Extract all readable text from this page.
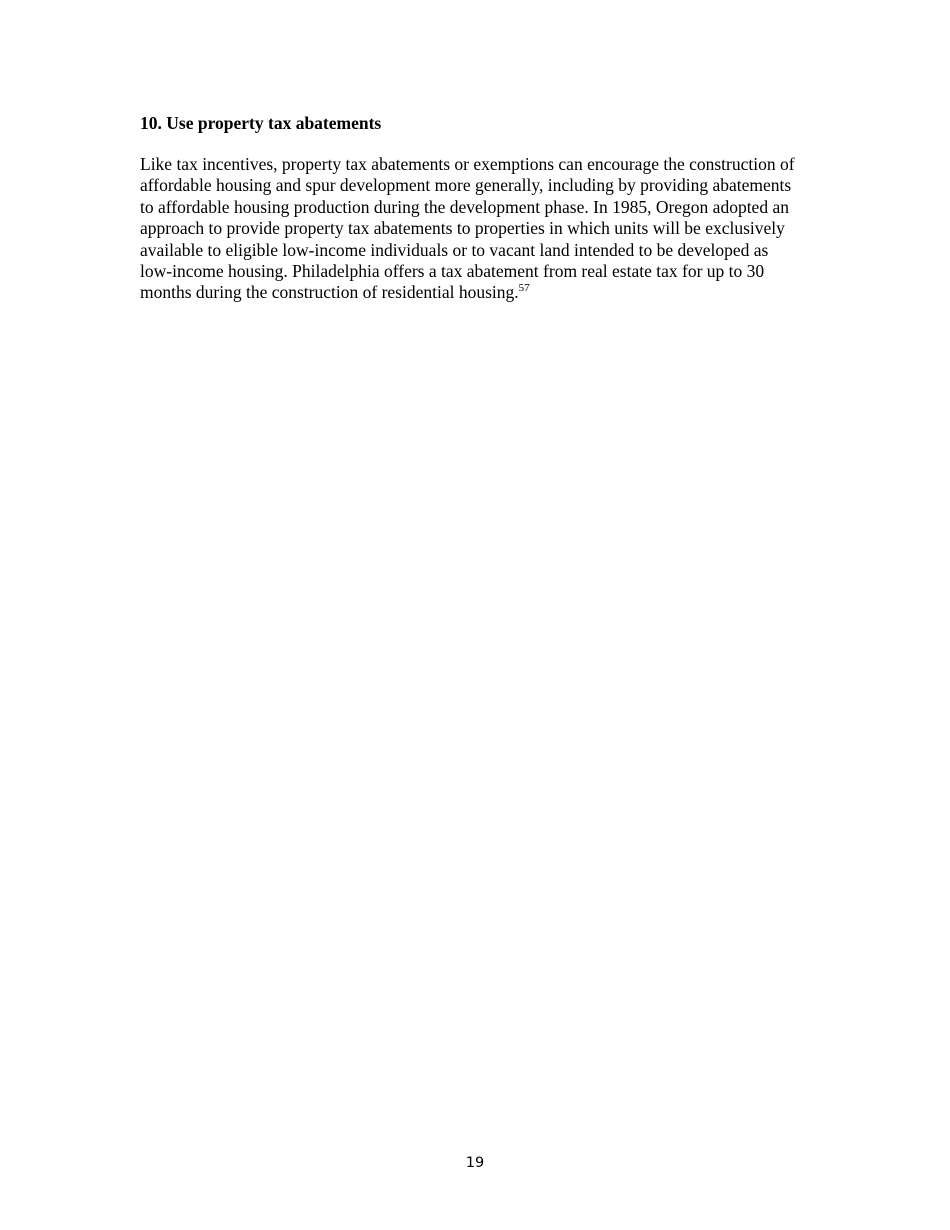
10. Use property tax abatements

Like tax incentives, property tax abatements or exemptions can encourage the construction of
affordable housing and spur development more generally, including by providing abatements
to affordable housing production during the development phase. In 1985, Oregon adopted an
approach to provide property tax abatements to properties in which units will be exclusively
available to eligible low-income individuals or to vacant land intended to be developed as
low-income housing. Philadelphia offers a tax abatement from real estate tax for up to 30
months during the construction of residential housing.$^{57}$

19
